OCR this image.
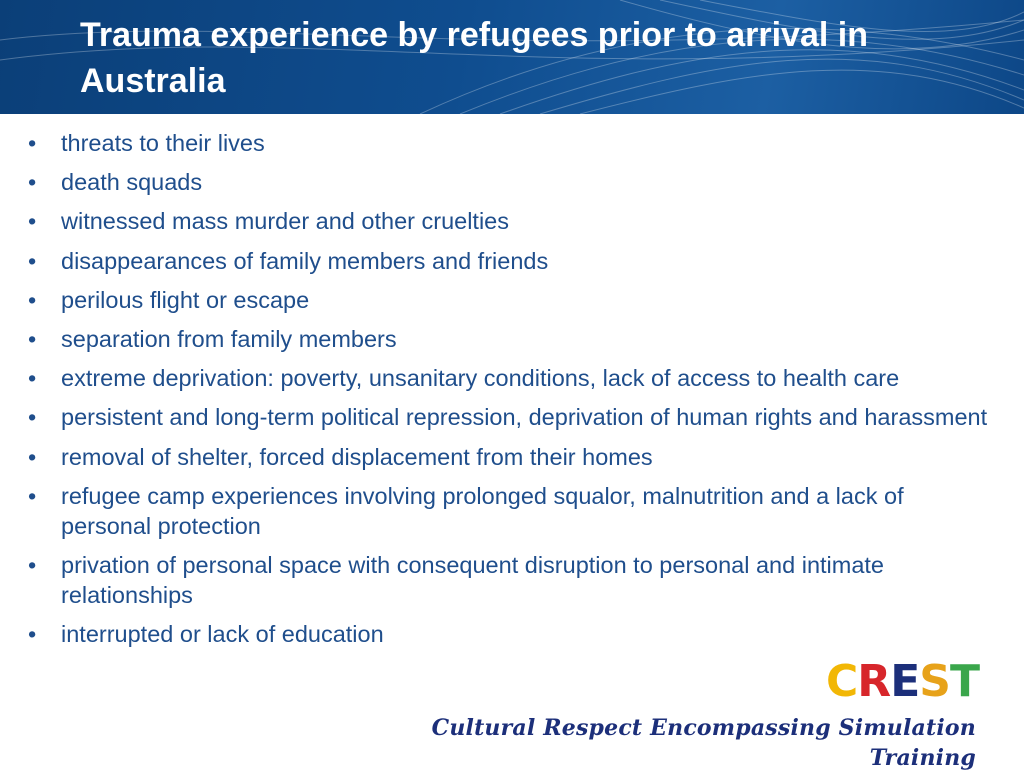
Trauma experience by refugees prior to arrival in Australia
• threats to their lives
• death squads
• witnessed mass murder and other cruelties
• disappearances of family members and friends
• perilous flight or escape
• separation from family members
• extreme deprivation: poverty, unsanitary conditions, lack of access to health care
• persistent and long-term political repression, deprivation of human rights and harassment
• removal of shelter, forced displacement from their homes
• refugee camp experiences involving prolonged squalor, malnutrition and a lack of personal protection
• privation of personal space with consequent disruption to personal and intimate relationships
• interrupted or lack of education
CREST
Cultural Respect Encompassing Simulation Training
